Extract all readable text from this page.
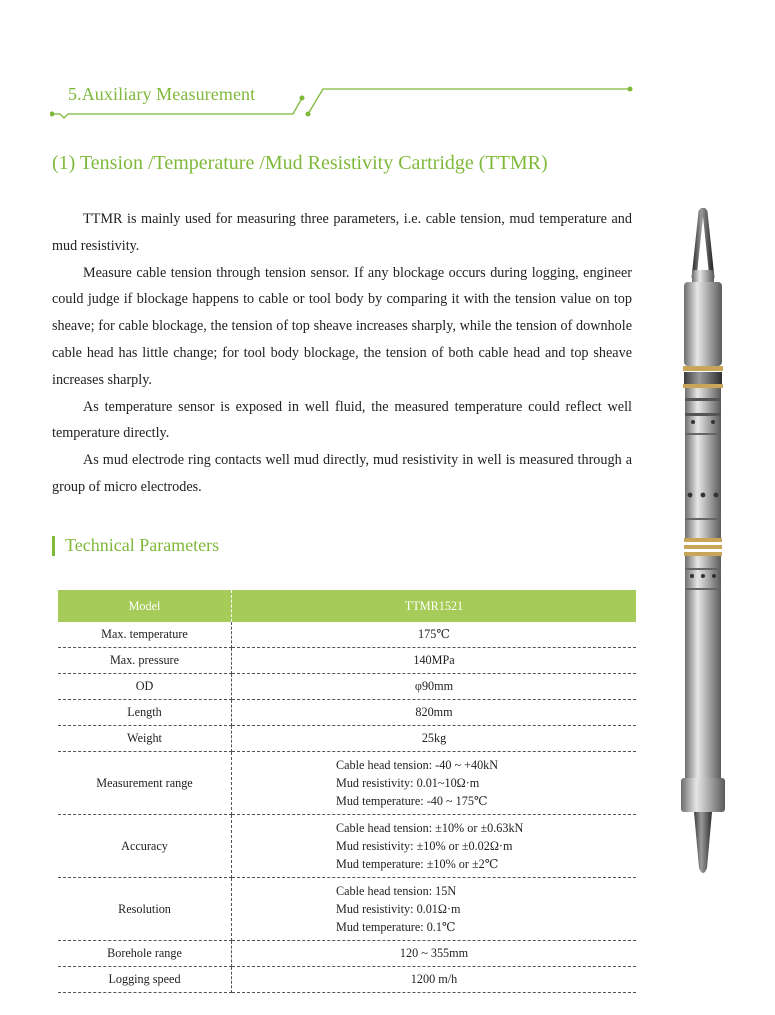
5.Auxiliary Measurement
(1) Tension /Temperature /Mud Resistivity Cartridge (TTMR)

TTMR is mainly used for measuring three parameters, i.e. cable tension, mud temperature and mud resistivity.

Measure cable tension through tension sensor. If any blockage occurs during logging, engineer could judge if blockage happens to cable or tool body by comparing it with the tension value on top sheave; for cable blockage, the tension of top sheave increases sharply, while the tension of downhole cable head has little change; for tool body blockage, the tension of both cable head and top sheave increases sharply.

As temperature sensor is exposed in well fluid, the measured temperature could reflect well temperature directly.

As mud electrode ring contacts well mud directly, mud resistivity in well is measured through a group of micro electrodes.

Technical Parameters
Model	TTMR1521
Max. temperature	175℃
Max. pressure	140MPa
OD	φ90mm
Length	820mm
Weight	25kg
Measurement range	Cable head tension: -40 ~ +40kN
Mud resistivity: 0.01~10Ω·m
Mud temperature: -40 ~ 175℃

Accuracy	Cable head tension: ±10% or ±0.63kN
Mud resistivity: ±10% or ±0.02Ω·m
Mud temperature: ±10% or ±2℃

Resolution	Cable head tension: 15N
Mud resistivity: 0.01Ω·m
Mud temperature: 0.1℃

Borehole range	120 ~ 355mm
Logging speed	1200 m/h
